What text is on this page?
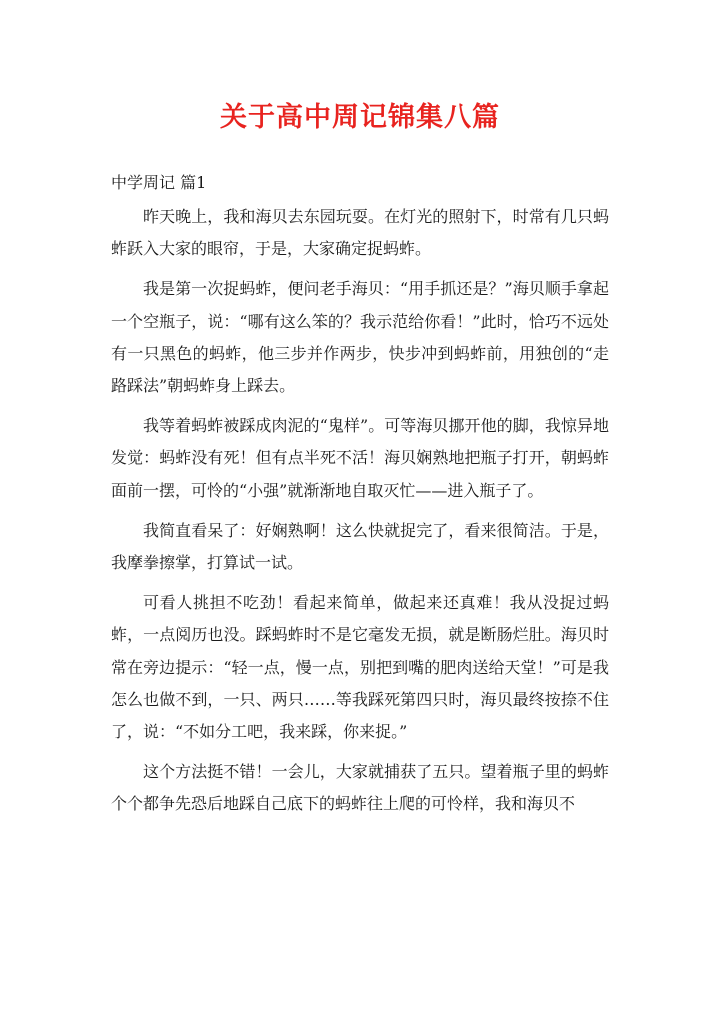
关于高中周记锦集八篇
中学周记 篇1

昨天晚上，我和海贝去东园玩耍。在灯光的照射下，时常有几只蚂蚱跃入大家的眼帘，于是，大家确定捉蚂蚱。

我是第一次捉蚂蚱，便问老手海贝：“用手抓还是？”海贝顺手拿起一个空瓶子，说：“哪有这么笨的？我示范给你看！”此时，恰巧不远处有一只黑色的蚂蚱，他三步并作两步，快步冲到蚂蚱前，用独创的“走路踩法”朝蚂蚱身上踩去。

我等着蚂蚱被踩成肉泥的“鬼样”。可等海贝挪开他的脚，我惊异地发觉：蚂蚱没有死！但有点半死不活！海贝娴熟地把瓶子打开，朝蚂蚱面前一摆，可怜的“小强”就渐渐地自取灭忙——进入瓶子了。

我简直看呆了：好娴熟啊！这么快就捉完了，看来很简洁。于是，我摩拳擦掌，打算试一试。

可看人挑担不吃劲！看起来简单，做起来还真难！我从没捉过蚂蚱，一点阅历也没。踩蚂蚱时不是它毫发无损，就是断肠烂肚。海贝时常在旁边提示：“轻一点，慢一点，别把到嘴的肥肉送给天堂！”可是我怎么也做不到，一只、两只……等我踩死第四只时，海贝最终按捺不住了，说：“不如分工吧，我来踩，你来捉。”

这个方法挺不错！一会儿，大家就捕获了五只。望着瓶子里的蚂蚱个个都争先恐后地踩自己底下的蚂蚱往上爬的可怜样，我和海贝不
